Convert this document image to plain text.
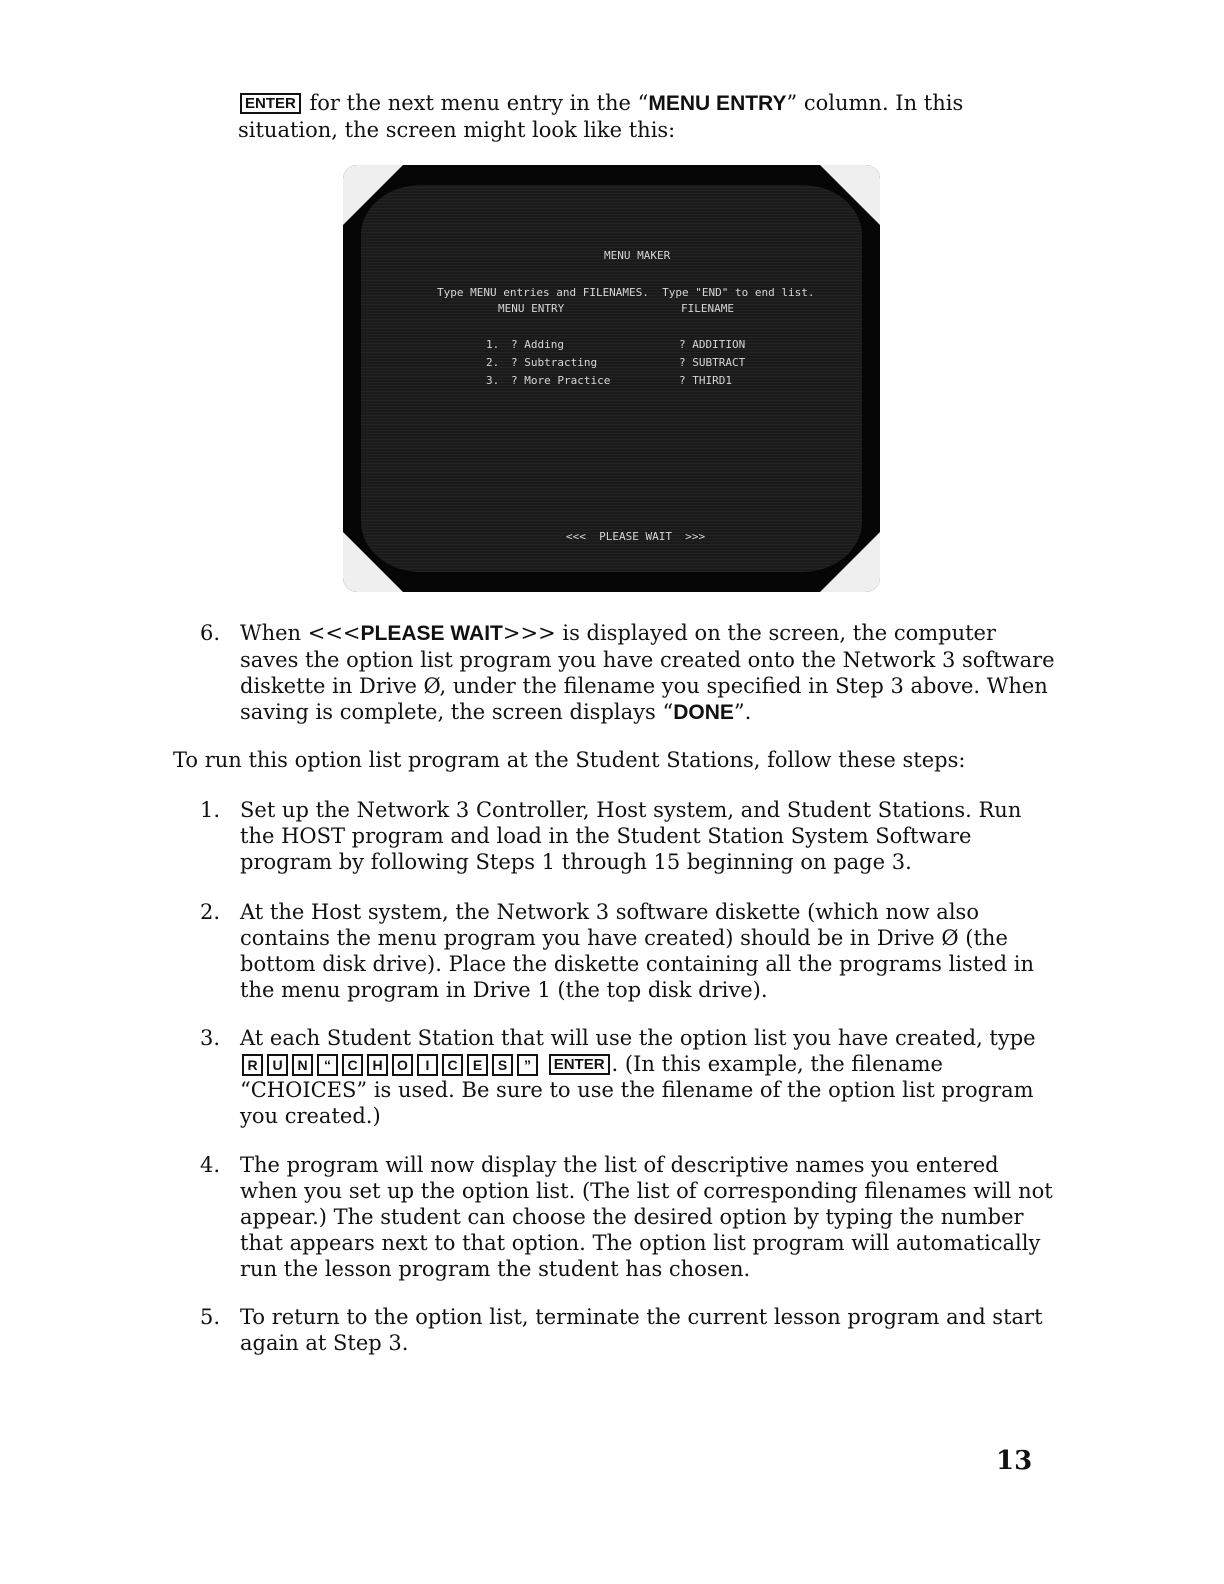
ENTER for the next menu entry in the “MENU ENTRY” column. In this situation, the screen might look like this:

MENU MAKER
Type MENU entries and FILENAMES.  Type "END" to end list.
MENU ENTRY	FILENAME
1. ? Adding	? ADDITION
2. ? Subtracting	? SUBTRACT
3. ? More Practice	? THIRD1
<<<  PLEASE WAIT  >>>
6. When <<<PLEASE WAIT>>> is displayed on the screen, the computer saves the option list program you have created onto the Network 3 software diskette in Drive Ø, under the filename you specified in Step 3 above. When saving is complete, the screen displays “DONE”.

To run this option list program at the Student Stations, follow these steps:

1. Set up the Network 3 Controller, Host system, and Student Stations. Run the HOST program and load in the Student Station System Software program by following Steps 1 through 15 beginning on page 3.
2. At the Host system, the Network 3 software diskette (which now also contains the menu program you have created) should be in Drive Ø (the bottom disk drive). Place the diskette containing all the programs listed in the menu program in Drive 1 (the top disk drive).
3. At each Student Station that will use the option list you have created, type
R U N “ C H O I C E S ” ENTER . (In this example, the filename “CHOICES” is used. Be sure to use the filename of the option list program you created.)
4. The program will now display the list of descriptive names you entered when you set up the option list. (The list of corresponding filenames will not appear.) The student can choose the desired option by typing the number that appears next to that option. The option list program will automatically run the lesson program the student has chosen.
5. To return to the option list, terminate the current lesson program and start again at Step 3.
13
